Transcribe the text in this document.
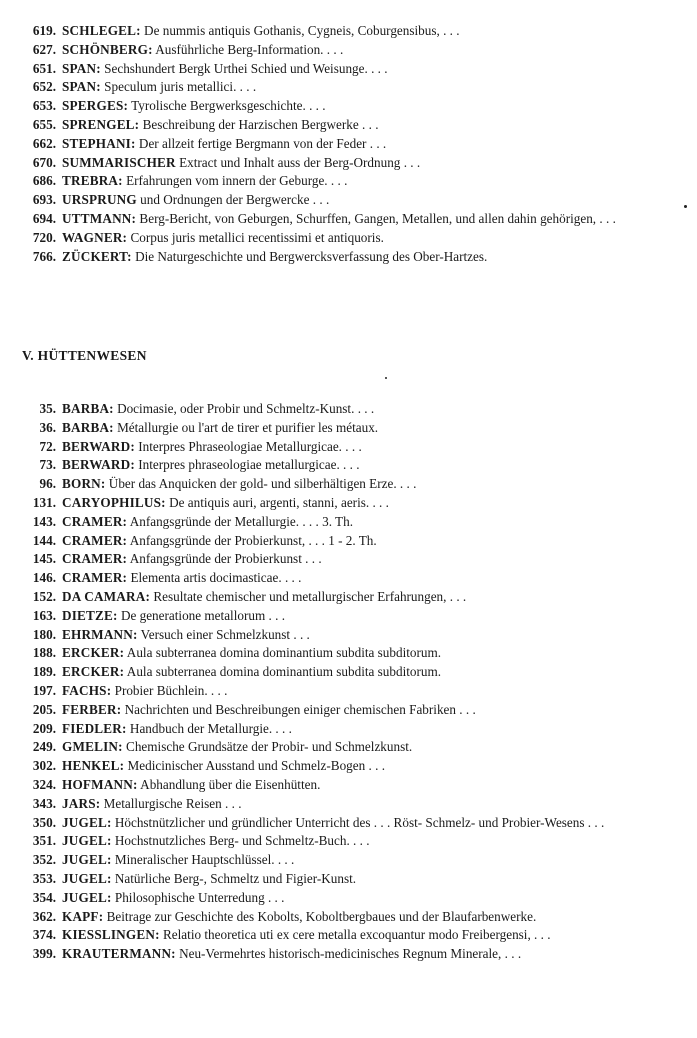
619. SCHLEGEL: De nummis antiquis Gothanis, Cygneis, Coburgensibus, . . .
627. SCHÖNBERG: Ausführliche Berg-Information. . . .
651. SPAN: Sechshundert Bergk Urthei Schied und Weisunge. . . .
652. SPAN: Speculum juris metallici. . . .
653. SPERGES: Tyrolische Bergwerksgeschichte. . . .
655. SPRENGEL: Beschreibung der Harzischen Bergwerke . . .
662. STEPHANI: Der allzeit fertige Bergmann von der Feder . . .
670. SUMMARISCHER Extract und Inhalt auss der Berg-Ordnung . . .
686. TREBRA: Erfahrungen vom innern der Geburge. . . .
693. URSPRUNG und Ordnungen der Bergwercke . . .
694. UTTMANN: Berg-Bericht, von Geburgen, Schurffen, Gangen, Metallen, und allen dahin gehörigen, . . .
720. WAGNER: Corpus juris metallici recentissimi et antiquoris.
766. ZÜCKERT: Die Naturgeschichte und Bergwercksverfassung des Ober-Hartzes.
V. HÜTTENWESEN
35. BARBA: Docimasie, oder Probir und Schmeltz-Kunst. . . .
36. BARBA: Métallurgie ou l'art de tirer et purifier les métaux.
72. BERWARD: Interpres Phraseologiae Metallurgicae. . . .
73. BERWARD: Interpres phraseologiae metallurgicae. . . .
96. BORN: Über das Anquicken der gold- und silberhältigen Erze. . . .
131. CARYOPHILUS: De antiquis auri, argenti, stanni, aeris. . . .
143. CRAMER: Anfangsgründe der Metallurgie. . . . 3. Th.
144. CRAMER: Anfangsgründe der Probierkunst, . . . 1 - 2. Th.
145. CRAMER: Anfangsgründe der Probierkunst . . .
146. CRAMER: Elementa artis docimasticae. . . .
152. DA CAMARA: Resultate chemischer und metallurgischer Erfahrungen, . . .
163. DIETZE: De generatione metallorum . . .
180. EHRMANN: Versuch einer Schmelzkunst . . .
188. ERCKER: Aula subterranea domina dominantium subdita subditorum.
189. ERCKER: Aula subterranea domina dominantium subdita subditorum.
197. FACHS: Probier Büchlein. . . .
205. FERBER: Nachrichten und Beschreibungen einiger chemischen Fabriken . . .
209. FIEDLER: Handbuch der Metallurgie. . . .
249. GMELIN: Chemische Grundsätze der Probir- und Schmelzkunst.
302. HENKEL: Medicinischer Ausstand und Schmelz-Bogen . . .
324. HOFMANN: Abhandlung über die Eisenhütten.
343. JARS: Metallurgische Reisen . . .
350. JUGEL: Höchstnützlicher und gründlicher Unterricht des . . . Röst- Schmelz- und Probier-Wesens . . .
351. JUGEL: Hochstnutzliches Berg- und Schmeltz-Buch. . . .
352. JUGEL: Mineralischer Hauptschlüssel. . . .
353. JUGEL: Natürliche Berg-, Schmeltz und Figier-Kunst.
354. JUGEL: Philosophische Unterredung . . .
362. KAPF: Beitrage zur Geschichte des Kobolts, Koboltbergbaues und der Blaufarbenwerke.
374. KIESSLINGEN: Relatio theoretica uti ex cere metalla excoquantur modo Freibergensi, . . .
399. KRAUTERMANN: Neu-Vermehrtes historisch-medicinisches Regnum Minerale, . . .
